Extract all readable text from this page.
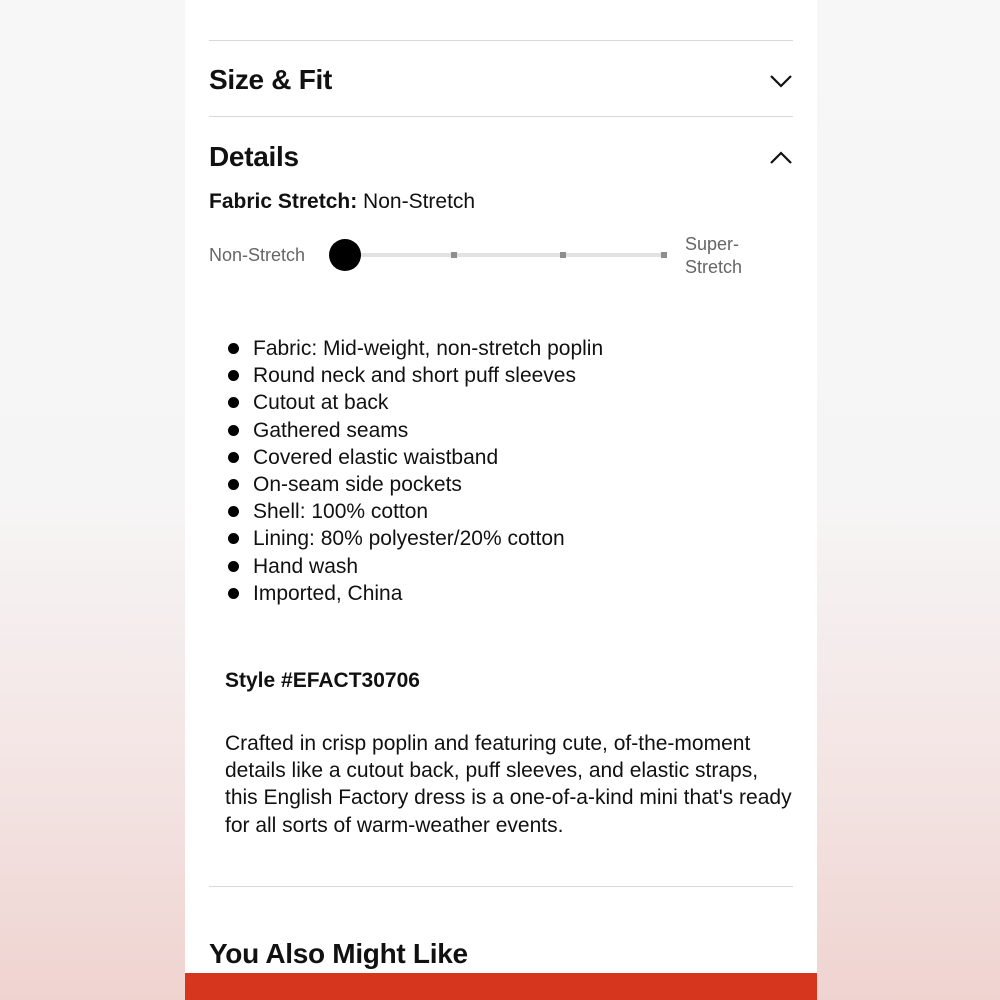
Size & Fit
Details
Fabric Stretch: Non-Stretch
Non-Stretch
Super-
Stretch
Fabric: Mid-weight, non-stretch poplin
Round neck and short puff sleeves
Cutout at back
Gathered seams
Covered elastic waistband
On-seam side pockets
Shell: 100% cotton
Lining: 80% polyester/20% cotton
Hand wash
Imported, China
Style #EFACT30706

Crafted in crisp poplin and featuring cute, of-the-moment details like a cutout back, puff sleeves, and elastic straps, this English Factory dress is a one-of-a-kind mini that's ready for all sorts of warm-weather events.

You Also Might Like
